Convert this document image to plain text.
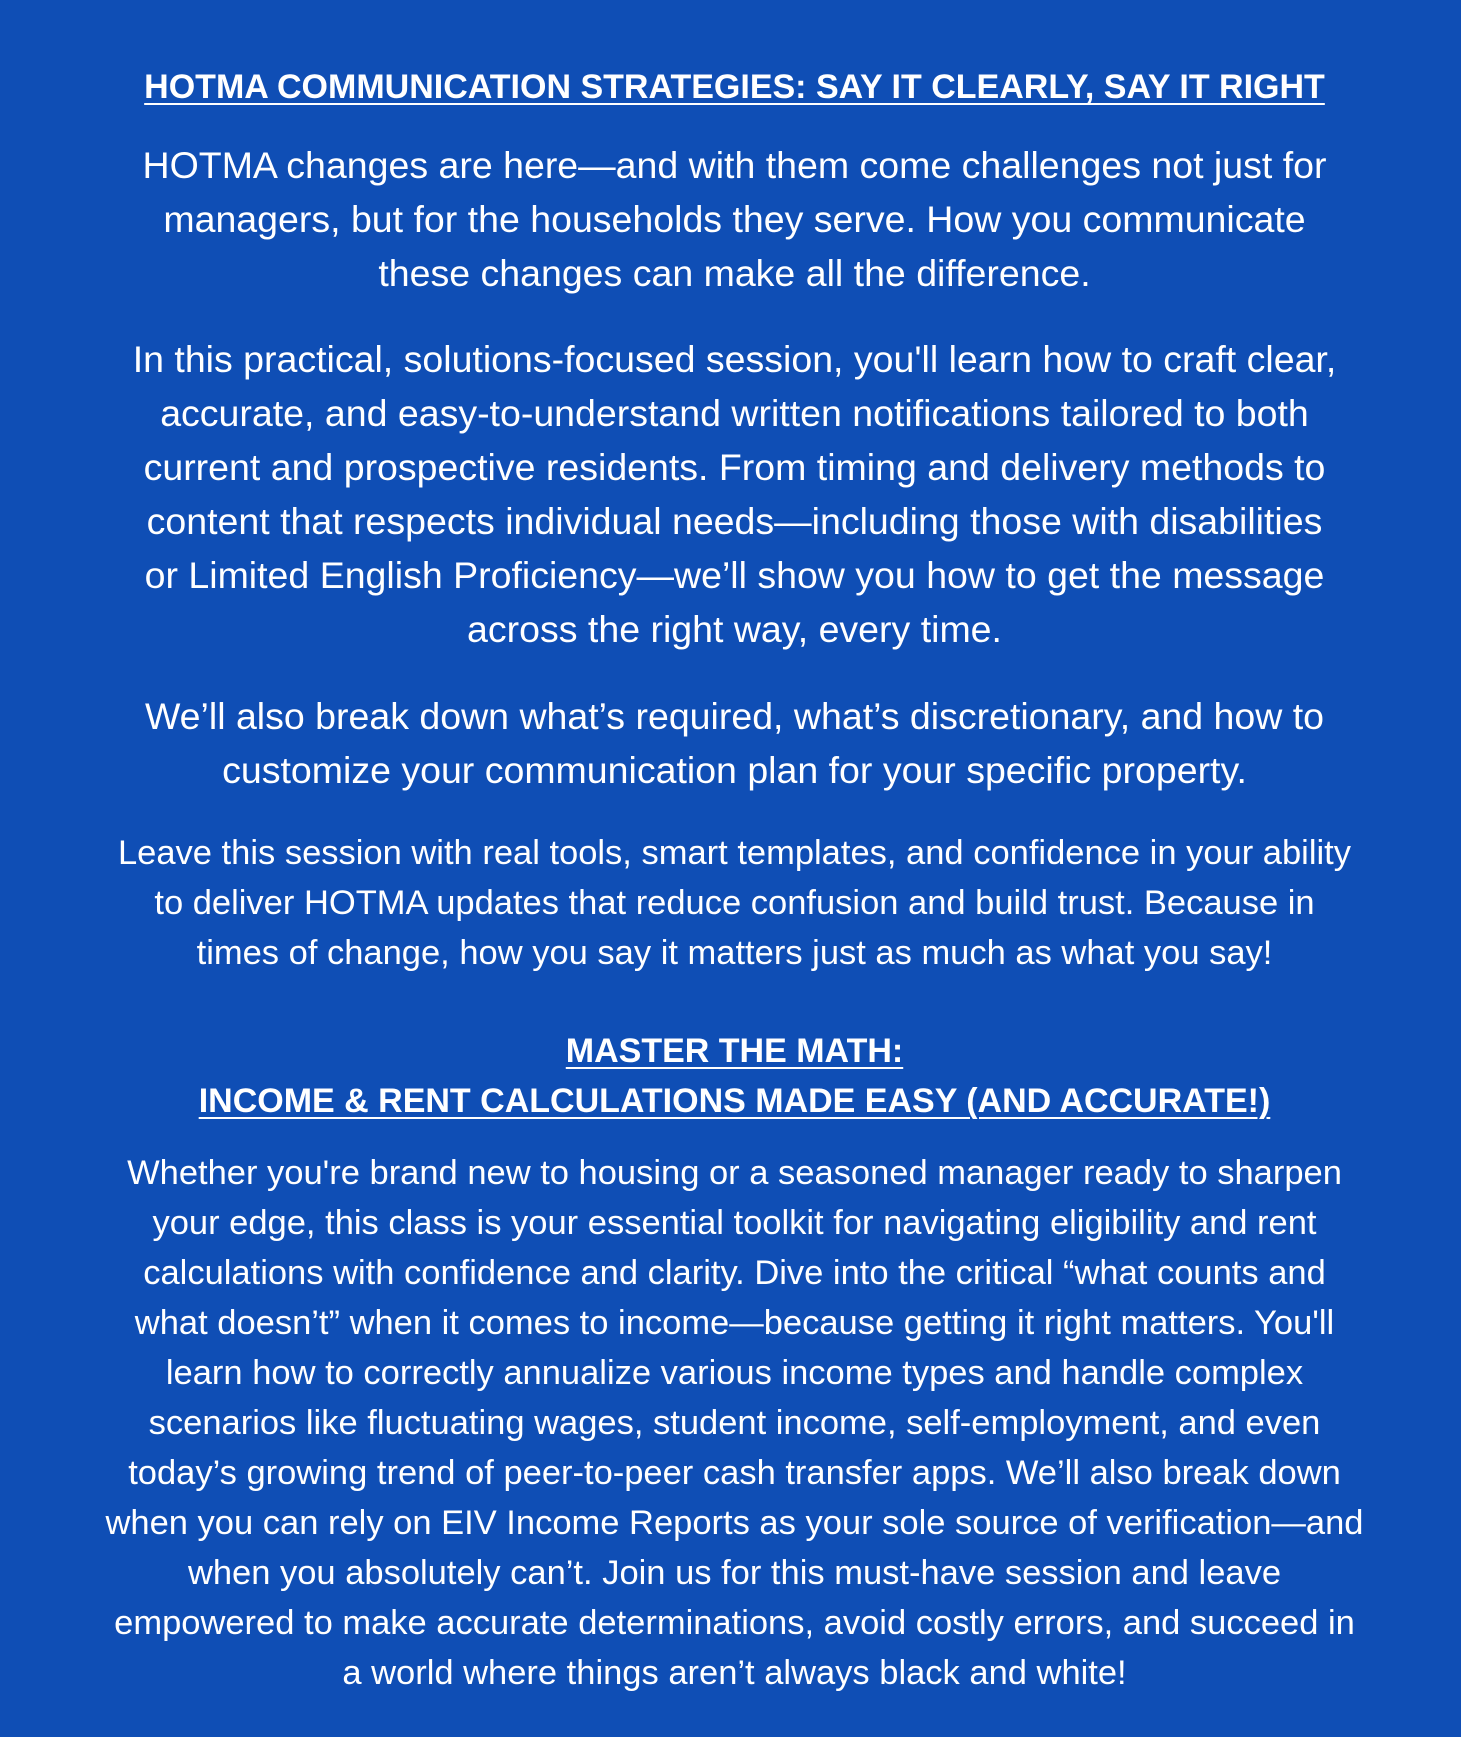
HOTMA COMMUNICATION STRATEGIES: SAY IT CLEARLY, SAY IT RIGHT

HOTMA changes are here—and with them come challenges not just for
managers, but for the households they serve. How you communicate
these changes can make all the difference.

In this practical, solutions-focused session, you'll learn how to craft clear,
accurate, and easy-to-understand written notifications tailored to both
current and prospective residents. From timing and delivery methods to
content that respects individual needs—including those with disabilities
or Limited English Proficiency—we’ll show you how to get the message
across the right way, every time.

We’ll also break down what’s required, what’s discretionary, and how to
customize your communication plan for your specific property.

Leave this session with real tools, smart templates, and confidence in your ability
to deliver HOTMA updates that reduce confusion and build trust. Because in
times of change, how you say it matters just as much as what you say!

MASTER THE MATH:
INCOME & RENT CALCULATIONS MADE EASY (AND ACCURATE!)

Whether you're brand new to housing or a seasoned manager ready to sharpen
your edge, this class is your essential toolkit for navigating eligibility and rent
calculations with confidence and clarity. Dive into the critical “what counts and
what doesn’t” when it comes to income—because getting it right matters. You'll
learn how to correctly annualize various income types and handle complex
scenarios like fluctuating wages, student income, self-employment, and even
today’s growing trend of peer-to-peer cash transfer apps. We’ll also break down
when you can rely on EIV Income Reports as your sole source of verification—and
when you absolutely can’t. Join us for this must-have session and leave
empowered to make accurate determinations, avoid costly errors, and succeed in
a world where things aren’t always black and white!
